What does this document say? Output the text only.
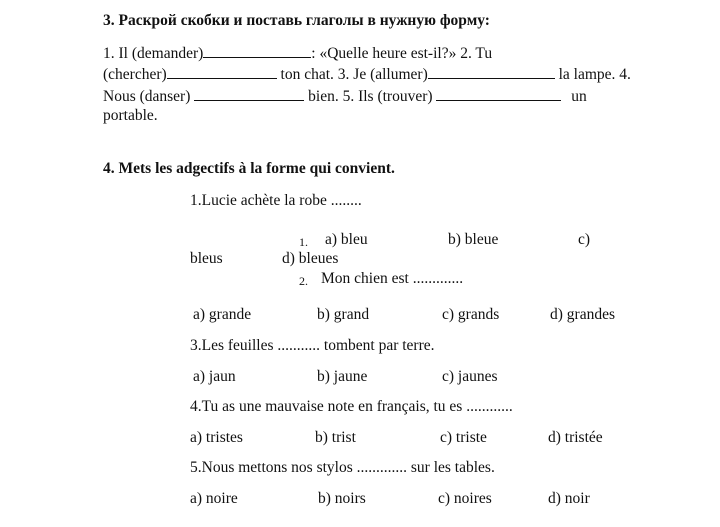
3. Раскрой скобки и поставь глаголы в нужную форму:
1. Il (demander)	: «Quelle heure est-il?» 2. Tu
(chercher)	ton chat. 3. Je (allumer)	la lampe. 4.
Nous (danser)	bien. 5. Ils (trouver)	un
portable.
4. Mets les adgectifs à la forme qui convient.
1.Lucie achète la robe ........
1. a) bleu	b) bleue	c)
bleus	d) bleues
2. Mon chien est .............
a) grande	b) grand	c) grands	d) grandes
3.Les feuilles ........... tombent par terre.
a) jaun	b) jaune	c) jaunes
4.Tu as une mauvaise note en français, tu es ............
a) tristes	b) trist	c) triste	d) tristée
5.Nous mettons nos stylos ............. sur les tables.
a) noire	b) noirs	c) noires	d) noir
